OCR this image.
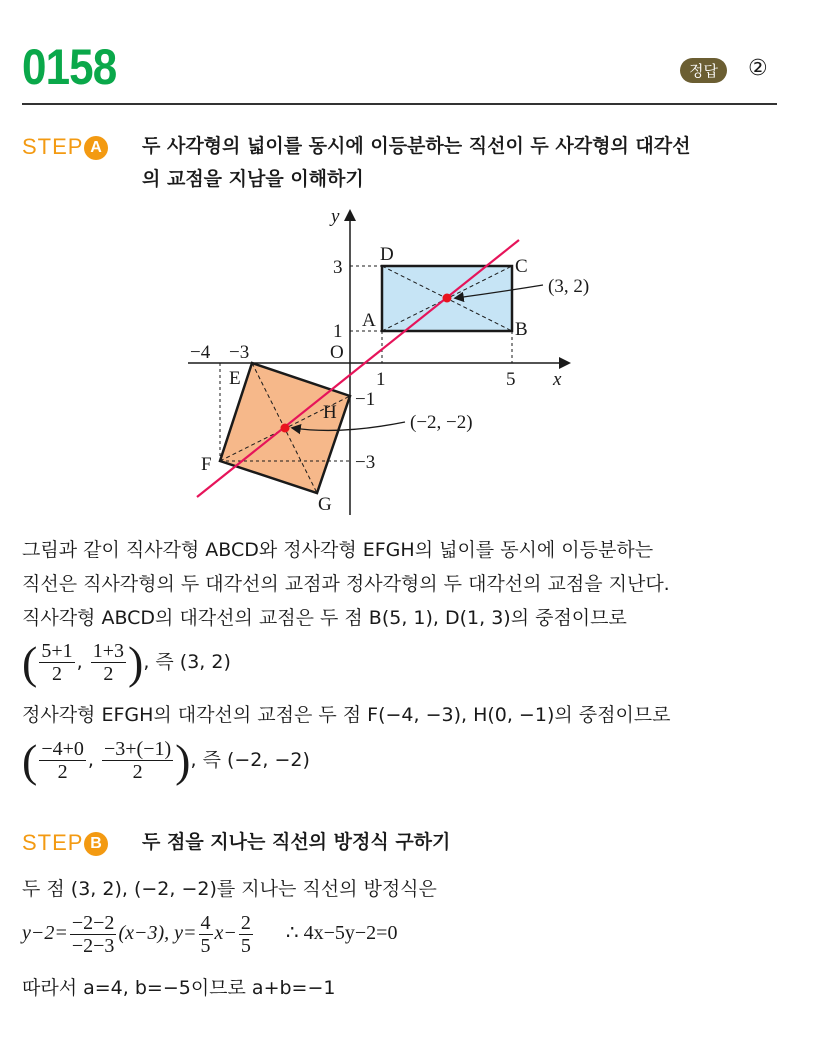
0158	정답	②
STEP A	두 사각형의 넓이를 동시에 이등분하는 직선이 두 사각형의 대각선
의 교점을 지남을 이해하기
y
x
O
1	5
−4 −3
3
1
−1
−3
A	B
C
D
E
F
G
H
(3, 2)
(−2, −2)
그림과 같이 직사각형 ABCD와 정사각형 EFGH의 넓이를 동시에 이등분하는
직선은 직사각형의 두 대각선의 교점과 정사각형의 두 대각선의 교점을 지난다.
직사각형 ABCD의 대각선의 교점은 두 점 B(5, 1), D(1, 3)의 중점이므로
( $\frac{5+1}{2}$ , $\frac{1+3}{2}$ ), 즉 (3, 2)
정사각형 EFGH의 대각선의 교점은 두 점 F(−4, −3), H(0, −1)의 중점이므로
( $\frac{-4+0}{2}$ , $\frac{-3+(-1)}{2}$ ), 즉 (−2, −2)
STEP B	두 점을 지나는 직선의 방정식 구하기
두 점 (3, 2), (−2, −2)를 지나는 직선의 방정식은
$y-2= \frac{-2-2}{-2-3} (x-3)$, $y= \frac{4}{5} x- \frac{2}{5}$ ∴ 4x−5y−2=0
따라서 a=4, b=−5이므로 a+b=−1
